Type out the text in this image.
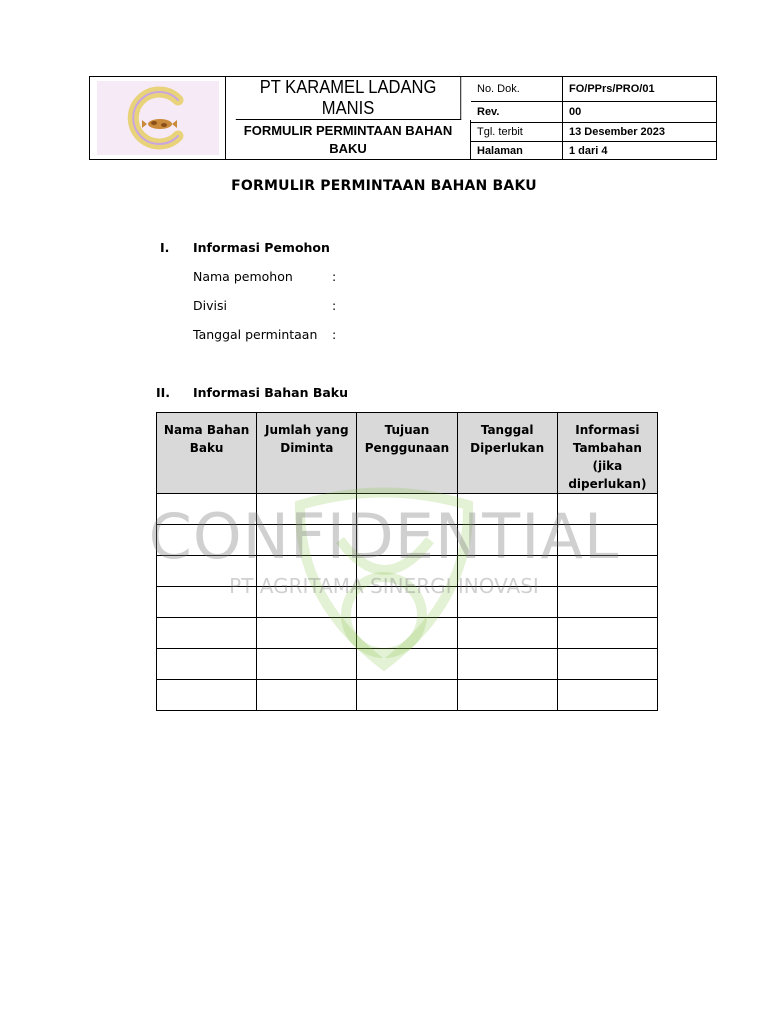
PT KARAMEL LADANG MANIS
No. Dok.	FO/PPrs/PRO/01
Rev.	00
Tgl. terbit	13 Desember 2023
Halaman	1 dari 4
FORMULIR PERMINTAAN BAHAN BAKU
FORMULIR PERMINTAAN BAHAN BAKU
I. Informasi Pemohon
Nama pemohon	:
Divisi	:
Tanggal permintaan :
II. Informasi Bahan Baku
Nama Bahan Baku	Jumlah yang Diminta	Tujuan Penggunaan	Tanggal Diperlukan	Informasi Tambahan (jika diperlukan)

CONFIDENTIAL
PT AGRITAMA SINERGI INOVASI
